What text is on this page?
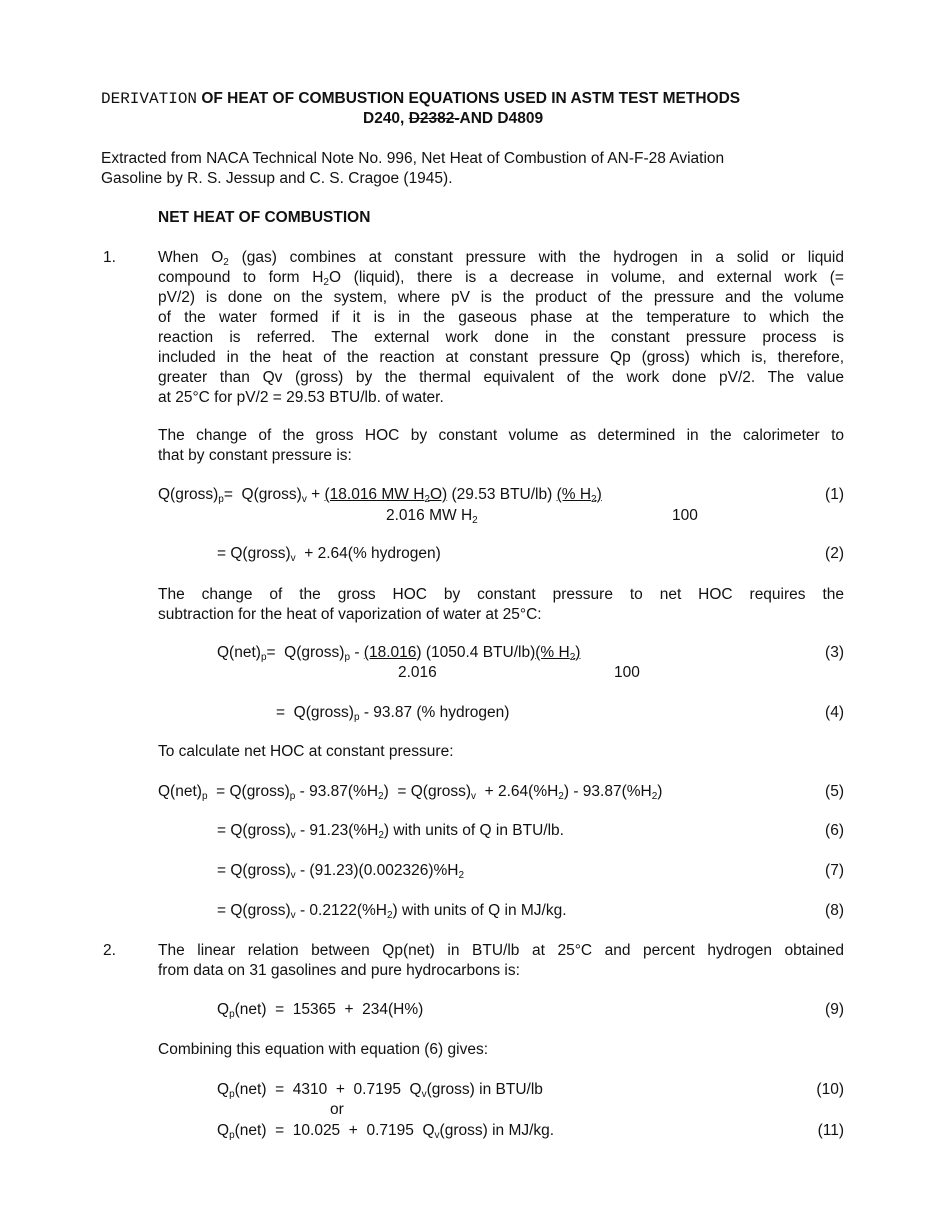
DERIVATION OF HEAT OF COMBUSTION EQUATIONS USED IN ASTM TEST METHODS
D240, D2382-AND D4809
Extracted from NACA Technical Note No. 996, Net Heat of Combustion of AN-F-28 Aviation
Gasoline by R. S. Jessup and C. S. Cragoe (1945).
NET HEAT OF COMBUSTION
1.	When $O_2$ (gas) combines at constant pressure with the hydrogen in a solid or liquid
compound to form $H_2O$ (liquid), there is a decrease in volume, and external work (=
pV/2) is done on the system, where pV is the product of the pressure and the volume
of the water formed if it is in the gaseous phase at the temperature to which the
reaction is referred. The external work done in the constant pressure process is
included in the heat of the reaction at constant pressure Qp (gross) which is, therefore,
greater than Qv (gross) by the thermal equivalent of the work done pV/2. The value
at 25°C for pV/2 = 29.53 BTU/lb. of water.
The change of the gross HOC by constant volume as determined in the calorimeter to
that by constant pressure is:
$Q(gross)_p=$  $Q(gross)_v + (18.016$ MW $H_2O$) (29.53 BTU/lb) (% $H_2$)
2.016 MW $H_2$	100
(1)
= $Q(gross)_v + 2.64(\%$ hydrogen)	(2)
The change of the gross HOC by constant pressure to net HOC requires the
subtraction for the heat of vaporization of water at 25°C:
$Q(net)_p=$  $Q(gross)_p - (18.016)$ (1050.4 BTU/lb)(% $H_2$)
2.016	100
(3)
=  $Q(gross)_p - 93.87$ (% hydrogen)	(4)
To calculate net HOC at constant pressure:
$Q(net)_p$  = $Q(gross)_p - 93.87(\%H_2)$  = $Q(gross)_v + 2.64(\%H_2) - 93.87(\%H_2)$	(5)
= $Q(gross)_v - 91.23(\%H_2)$ with units of Q in BTU/lb.	(6)
= $Q(gross)_v - (91.23)(0.002326)\%H_2$	(7)
= $Q(gross)_v - 0.2122(\%H_2)$ with units of Q in MJ/kg.	(8)
2.	The linear relation between Qp(net) in BTU/lb at 25°C and percent hydrogen obtained
from data on 31 gasolines and pure hydrocarbons is:
$Q_p(net) = 15365 + 234(H\%)$	(9)
Combining this equation with equation (6) gives:
$Q_p(net) = 4310 + 0.7195$  $Q_v(gross)$ in BTU/lb	(10)
or
$Q_p(net) = 10.025 + 0.7195$  $Q_v(gross)$ in MJ/kg.	(11)
